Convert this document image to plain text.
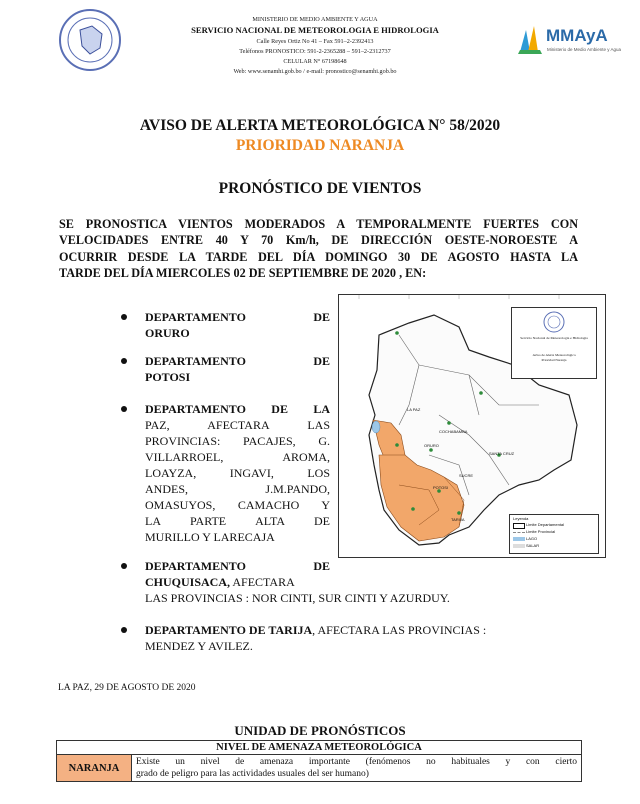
MINISTERIO DE MEDIO AMBIENTE Y AGUA
SERVICIO NACIONAL DE METEOROLOGIA E HIDROLOGIA
Calle Reyes Ortiz No 41 – Fax 591–2-2392413
Teléfonos PRONOSTICO: 591-2-2365288 – 591–2-2312737
CELULAR N° 67198648
Web: www.senamhi.gob.bo / e-mail: pronostico@senamhi.gob.bo
MMAyA
Ministerio de Medio Ambiente y Agua
AVISO DE ALERTA METEOROLÓGICA N° 58/2020
PRIORIDAD NARANJA
PRONÓSTICO DE VIENTOS
SE PRONOSTICA VIENTOS MODERADOS A TEMPORALMENTE FUERTES CON
VELOCIDADES ENTRE 40 Y 70 Km/h, DE DIRECCIÓN OESTE-NOROESTE A
OCURRIR DESDE LA TARDE DEL DÍA DOMINGO 30 DE AGOSTO HASTA LA
TARDE DEL DÍA MIERCOLES 02 DE SEPTIEMBRE DE 2020 , EN:
DEPARTAMENTO DE
ORURO
DEPARTAMENTO DE
POTOSI
DEPARTAMENTO DE LA
PAZ, AFECTARA LAS
PROVINCIAS: PACAJES, G.
VILLARROEL, AROMA,
LOAYZA, INGAVI, LOS
ANDES, J.M.PANDO,
OMASUYOS, CAMACHO Y
LA PARTE ALTA DE
MURILLO Y LARECAJA
DEPARTAMENTO DE
CHUQUISACA, AFECTARA
LAS PROVINCIAS : NOR CINTI, SUR CINTI Y AZURDUY.
DEPARTAMENTO DE TARIJA, AFECTARA LAS PROVINCIAS :
MENDEZ Y AVILEZ.
Servicio Nacional de Meteorología e Hidrología
Aviso de Alerta Meteorológica
Prioridad Naranja
Leyenda
Limite Departamental
Limite Provincial
LAGO
SALAR
LA PAZ
ORURO
SANTA CRUZ
COCHABAMBA
SUCRE
POTOSI
TARIJA
LA PAZ, 29 DE AGOSTO DE 2020
UNIDAD DE PRONÓSTICOS
NIVEL DE AMENAZA METEOROLÓGICA
NARANJA	
Existe un nivel de amenaza importante (fenómenos no habituales y con cierto
grado de peligro para las actividades usuales del ser humano)
